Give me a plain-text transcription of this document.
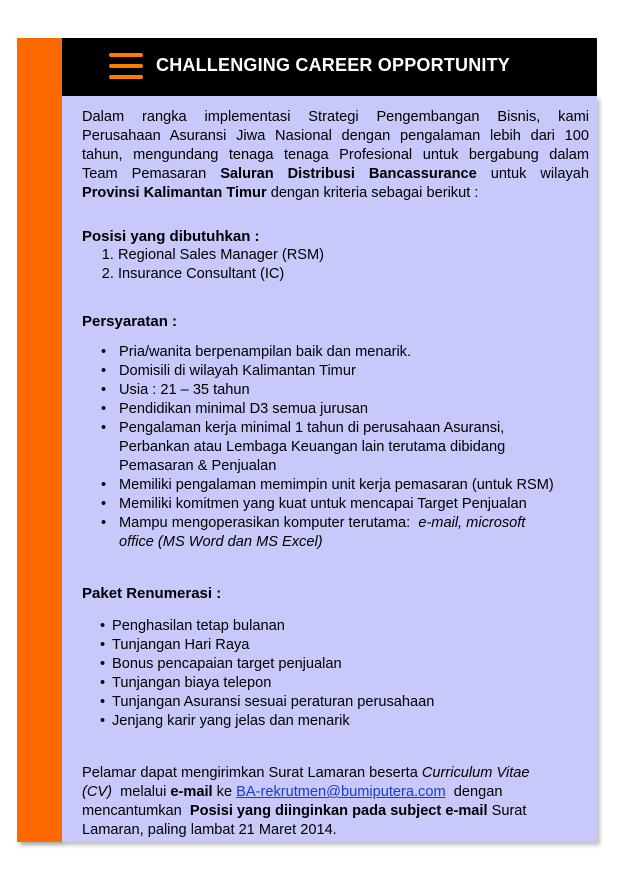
CHALLENGING CAREER OPPORTUNITY

Dalam rangka implementasi Strategi Pengembangan Bisnis, kami

Perusahaan Asuransi Jiwa Nasional dengan pengalaman lebih dari 100

tahun, mengundang tenaga tenaga Profesional untuk bergabung dalam

Team Pemasaran Saluran Distribusi Bancassurance untuk wilayah

Provinsi Kalimantan Timur dengan kriteria sebagai berikut :

Posisi yang dibutuhkan :

1. Regional Sales Manager (RSM)
2. Insurance Consultant (IC)

Persyaratan :

• Pria/wanita berpenampilan baik dan menarik.
• Domisili di wilayah Kalimantan Timur
• Usia : 21 – 35 tahun
• Pendidikan minimal D3 semua jurusan
• Pengalaman kerja minimal 1 tahun di perusahaan Asuransi,
Perbankan atau Lembaga Keuangan lain terutama dibidang
Pemasaran & Penjualan
• Memiliki pengalaman memimpin unit kerja pemasaran (untuk RSM)
• Memiliki komitmen yang kuat untuk mencapai Target Penjualan
• Mampu mengoperasikan komputer terutama: e-mail, microsoft
office (MS Word dan MS Excel)

Paket Renumerasi :

• Penghasilan tetap bulanan
• Tunjangan Hari Raya
• Bonus pencapaian target penjualan
• Tunjangan biaya telepon
• Tunjangan Asuransi sesuai peraturan perusahaan
• Jenjang karir yang jelas dan menarik

Pelamar dapat mengirimkan Surat Lamaran beserta Curriculum Vitae

(CV) melalui e-mail ke BA-rekrutmen@bumiputera.com dengan

mencantumkan Posisi yang diinginkan pada subject e-mail Surat

Lamaran, paling lambat 21 Maret 2014.
